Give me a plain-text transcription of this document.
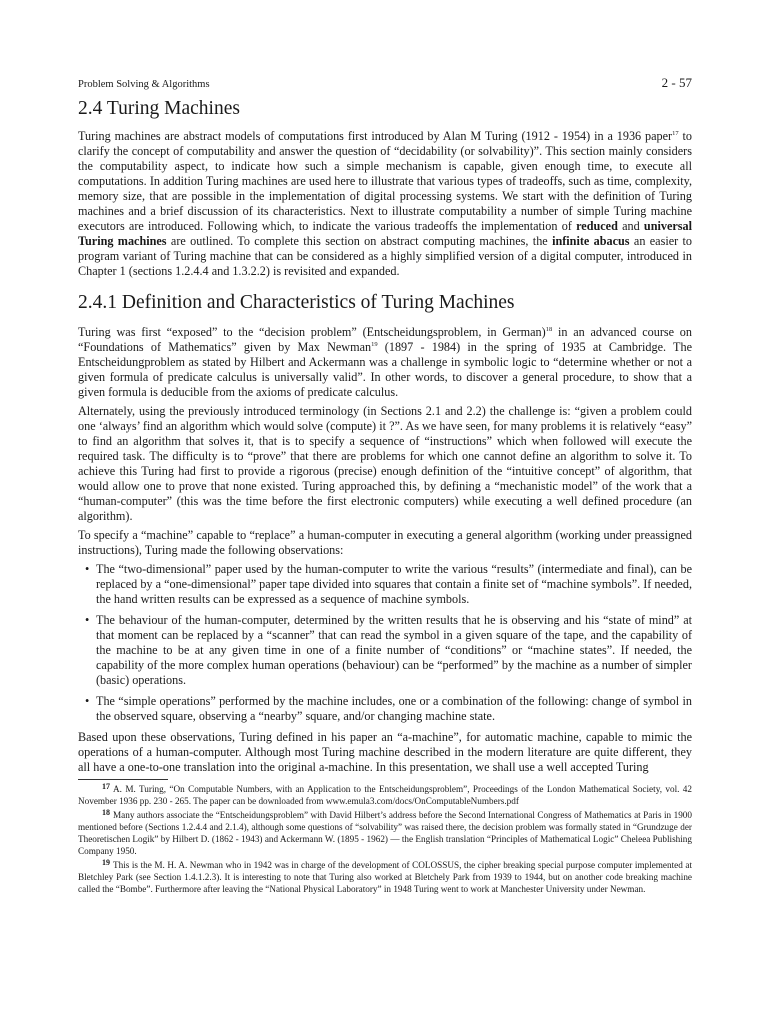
Problem Solving & Algorithms	2 - 57
2.4 Turing Machines

Turing machines are abstract models of computations first introduced by Alan M Turing (1912 - 1954) in a 1936 paper$^{17}$ to clarify the concept of computability and answer the question of “decidability (or solvability)”. This section mainly considers the computability aspect, to indicate how such a simple mechanism is capable, given enough time, to execute all computations. In addition Turing machines are used here to illustrate that various types of tradeoffs, such as time, complexity, memory size, that are possible in the implementation of digital processing systems. We start with the definition of Turing machines and a brief discussion of its characteristics. Next to illustrate computability a number of simple Turing machine executors are introduced. Following which, to indicate the various tradeoffs the implementation of reduced and universal Turing machines are outlined. To complete this section on abstract computing machines, the infinite abacus an easier to program variant of Turing machine that can be considered as a highly simplified version of a digital computer, introduced in Chapter 1 (sections 1.2.4.4 and 1.3.2.2) is revisited and expanded.

2.4.1 Definition and Characteristics of Turing Machines

Turing was first “exposed” to the “decision problem” (Entscheidungsproblem, in German)$^{18}$ in an advanced course on “Foundations of Mathematics” given by Max Newman$^{19}$ (1897 - 1984) in the spring of 1935 at Cambridge. The Entscheidungproblem as stated by Hilbert and Ackermann was a challenge in symbolic logic to “determine whether or not a given formula of predicate calculus is universally valid”. In other words, to discover a general procedure, to show that a given formula is deducible from the axioms of predicate calculus.

Alternately, using the previously introduced terminology (in Sections 2.1 and 2.2) the challenge is: “given a problem could one ‘always’ find an algorithm which would solve (compute) it ?”. As we have seen, for many problems it is relatively “easy” to find an algorithm that solves it, that is to specify a sequence of “instructions” which when followed will execute the required task. The difficulty is to “prove” that there are problems for which one cannot define an algorithm to solve it. To achieve this Turing had first to provide a rigorous (precise) enough definition of the “intuitive concept” of algorithm, that would allow one to prove that none existed. Turing approached this, by defining a “mechanistic model” of the work that a “human-computer” (this was the time before the first electronic computers) while executing a well defined procedure (an algorithm).

To specify a “machine” capable to “replace” a human-computer in executing a general algorithm (working under preassigned instructions), Turing made the following observations:

• The “two-dimensional” paper used by the human-computer to write the various “results” (intermediate and final), can be replaced by a “one-dimensional” paper tape divided into squares that contain a finite set of “machine symbols”. If needed, the hand written results can be expressed as a sequence of machine symbols.
• The behaviour of the human-computer, determined by the written results that he is observing and his “state of mind” at that moment can be replaced by a “scanner” that can read the symbol in a given square of the tape, and the capability of the machine to be at any given time in one of a finite number of “conditions” or “machine states”. If needed, the capability of the more complex human operations (behaviour) can be “performed” by the machine as a number of simpler (basic) operations.
• The “simple operations” performed by the machine includes, one or a combination of the following: change of symbol in the observed square, observing a “nearby” square, and/or changing machine state.

Based upon these observations, Turing defined in his paper an “a-machine”, for automatic machine, capable to mimic the operations of a human-computer. Although most Turing machine described in the modern literature are quite different, they all have a one-to-one translation into the original a-machine. In this presentation, we shall use a well accepted Turing

17 A. M. Turing, “On Computable Numbers, with an Application to the Entscheidungsproblem”, Proceedings of the London Mathematical Society, vol. 42 November 1936 pp. 230 - 265. The paper can be downloaded from www.emula3.com/docs/OnComputableNumbers.pdf

18 Many authors associate the “Entscheidungsproblem” with David Hilbert’s address before the Second International Congress of Mathematics at Paris in 1900 mentioned before (Sections 1.2.4.4 and 2.1.4), although some questions of “solvability” was raised there, the decision problem was formally stated in “Grundzuge der Theoretischen Logik” by Hilbert D. (1862 - 1943) and Ackermann W. (1895 - 1962) — the English translation “Principles of Mathematical Logic” Cheleea Publishing Company 1950.

19 This is the M. H. A. Newman who in 1942 was in charge of the development of COLOSSUS, the cipher breaking special purpose computer implemented at Bletchley Park (see Section 1.4.1.2.3). It is interesting to note that Turing also worked at Bletchely Park from 1939 to 1944, but on another code breaking machine called the “Bombe”. Furthermore after leaving the “National Physical Laboratory” in 1948 Turing went to work at Manchester University under Newman.
